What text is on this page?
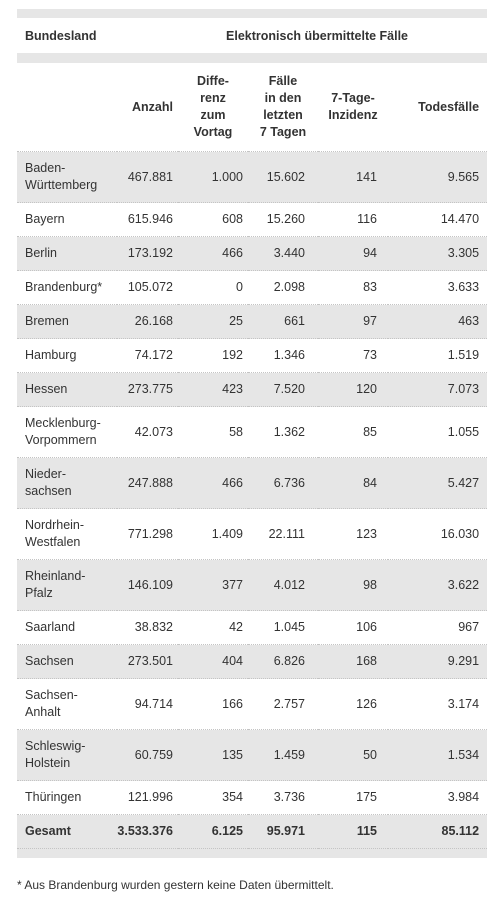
Bundesland	Elektronisch übermittelte Fälle				

	Anzahl	Diffe-
renz
zum
Vortag	Fälle
in den
letzten
7 Tagen	7-Tage-
Inzidenz	Todesfälle
Baden-
Württemberg	467.881	1.000	15.602	141	9.565
Bayern	615.946	608	15.260	116	14.470
Berlin	173.192	466	3.440	94	3.305
Brandenburg*	105.072	0	2.098	83	3.633
Bremen	26.168	25	661	97	463
Hamburg	74.172	192	1.346	73	1.519
Hessen	273.775	423	7.520	120	7.073
Mecklenburg-
Vorpommern	42.073	58	1.362	85	1.055
Nieder-
sachsen	247.888	466	6.736	84	5.427
Nordrhein-
Westfalen	771.298	1.409	22.111	123	16.030
Rheinland-
Pfalz	146.109	377	4.012	98	3.622
Saarland	38.832	42	1.045	106	967
Sachsen	273.501	404	6.826	168	9.291
Sachsen-
Anhalt	94.714	166	2.757	126	3.174
Schleswig-
Holstein	60.759	135	1.459	50	1.534
Thüringen	121.996	354	3.736	175	3.984
Gesamt	3.533.376	6.125	95.971	115	85.112

* Aus Brandenburg wurden gestern keine Daten übermittelt.
